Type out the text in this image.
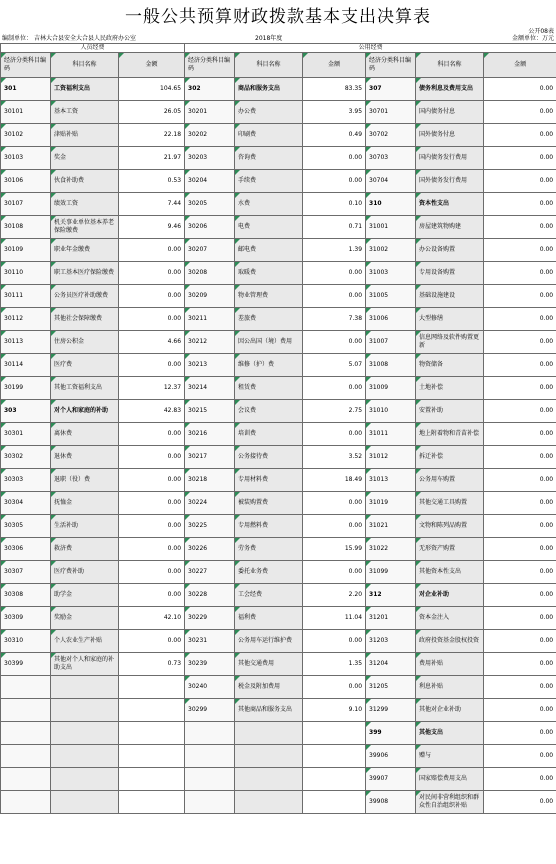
一般公共预算财政拨款基本支出决算表
公开08表
编制单位： 吉林大合县安全大合县人民政府办公室	2018年度	金额单位：万元
人员经费			公用经费					
经济分类科目编码	科目名称	金额	经济分类科目编码	科目名称	金额	经济分类科目编码	科目名称	金额
301	工资福利支出	104.65	302	商品和服务支出	83.35	307	债务利息及费用支出	0.00
30101	基本工资	26.05	30201	办公费	3.95	30701	国内债务付息	0.00
30102	津贴补贴	22.18	30202	印刷费	0.49	30702	国外债务付息	0.00
30103	奖金	21.97	30203	咨询费	0.00	30703	国内债务发行费用	0.00
30106	伙食补助费	0.53	30204	手续费	0.00	30704	国外债务发行费用	0.00
30107	绩效工资	7.44	30205	水费	0.10	310	资本性支出	0.00
30108	机关事业单位基本养老保险缴费	9.46	30206	电费	0.71	31001	房屋建筑物购建	0.00
30109	职业年金缴费	0.00	30207	邮电费	1.39	31002	办公设备购置	0.00
30110	职工基本医疗保险缴费	0.00	30208	取暖费	0.00	31003	专用设备购置	0.00
30111	公务员医疗补助缴费	0.00	30209	物业管理费	0.00	31005	基础设施建设	0.00
30112	其他社会保障缴费	0.00	30211	差旅费	7.38	31006	大型修缮	0.00
30113	住房公积金	4.66	30212	因公出国（境）费用	0.00	31007	信息网络及软件购置更新	0.00
30114	医疗费	0.00	30213	维修（护）费	5.07	31008	物资储备	0.00
30199	其他工资福利支出	12.37	30214	租赁费	0.00	31009	土地补偿	0.00
303	对个人和家庭的补助	42.83	30215	会议费	2.75	31010	安置补助	0.00
30301	离休费	0.00	30216	培训费	0.00	31011	地上附着物和青苗补偿	0.00
30302	退休费	0.00	30217	公务接待费	3.52	31012	拆迁补偿	0.00
30303	退职（役）费	0.00	30218	专用材料费	18.49	31013	公务用车购置	0.00
30304	抚恤金	0.00	30224	被装购置费	0.00	31019	其他交通工具购置	0.00
30305	生活补助	0.00	30225	专用燃料费	0.00	31021	文物和陈列品购置	0.00
30306	救济费	0.00	30226	劳务费	15.99	31022	无形资产购置	0.00
30307	医疗费补助	0.00	30227	委托业务费	0.00	31099	其他资本性支出	0.00
30308	助学金	0.00	30228	工会经费	2.20	312	对企业补助	0.00
30309	奖励金	42.10	30229	福利费	11.04	31201	资本金注入	0.00
30310	个人农业生产补贴	0.00	30231	公务用车运行维护费	0.00	31203	政府投资基金股权投资	0.00
30399	其他对个人和家庭的补助支出	0.73	30239	其他交通费用	1.35	31204	费用补贴	0.00
			30240	税金及附加费用	0.00	31205	利息补贴	0.00
			30299	其他商品和服务支出	9.10	31299	其他对企业补助	0.00
						399	其他支出	0.00
						39906	赠与	0.00
						39907	国家赔偿费用支出	0.00
						39908	对民间非营利组织和群众性自治组织补贴	0.00
